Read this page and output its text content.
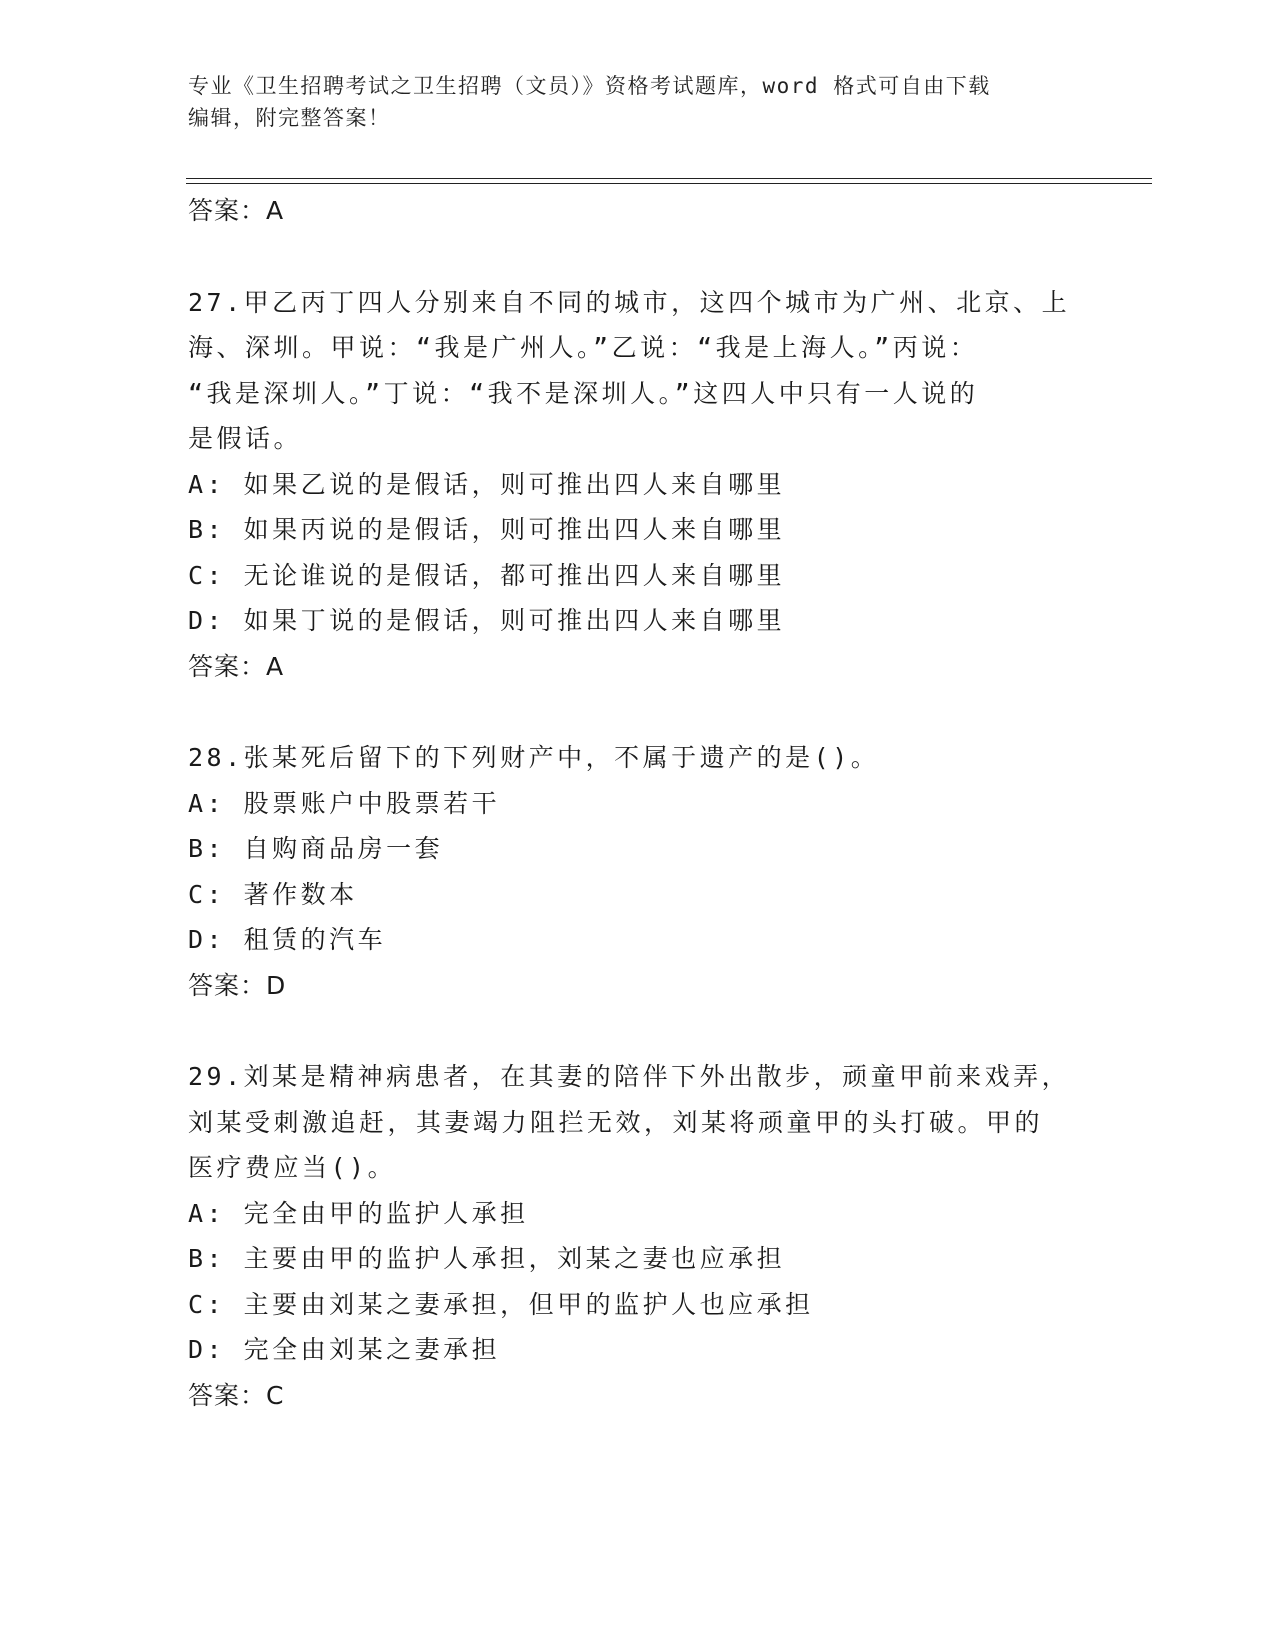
专业《卫生招聘考试之卫生招聘（文员）》资格考试题库，word 格式可自由下载
编辑，附完整答案！
答案：A
27.甲乙丙丁四人分别来自不同的城市，这四个城市为广州、北京、上
海、深圳。甲说：“我是广州人。”乙说：“我是上海人。”丙说：
“我是深圳人。”丁说：“我不是深圳人。”这四人中只有一人说的
是假话。
A: 如果乙说的是假话，则可推出四人来自哪里
B: 如果丙说的是假话，则可推出四人来自哪里
C: 无论谁说的是假话，都可推出四人来自哪里
D: 如果丁说的是假话，则可推出四人来自哪里
答案：A
28.张某死后留下的下列财产中，不属于遗产的是()。
A: 股票账户中股票若干
B: 自购商品房一套
C: 著作数本
D: 租赁的汽车
答案：D
29.刘某是精神病患者，在其妻的陪伴下外出散步，顽童甲前来戏弄，
刘某受刺激追赶，其妻竭力阻拦无效，刘某将顽童甲的头打破。甲的
医疗费应当()。
A: 完全由甲的监护人承担
B: 主要由甲的监护人承担，刘某之妻也应承担
C: 主要由刘某之妻承担，但甲的监护人也应承担
D: 完全由刘某之妻承担
答案：C
